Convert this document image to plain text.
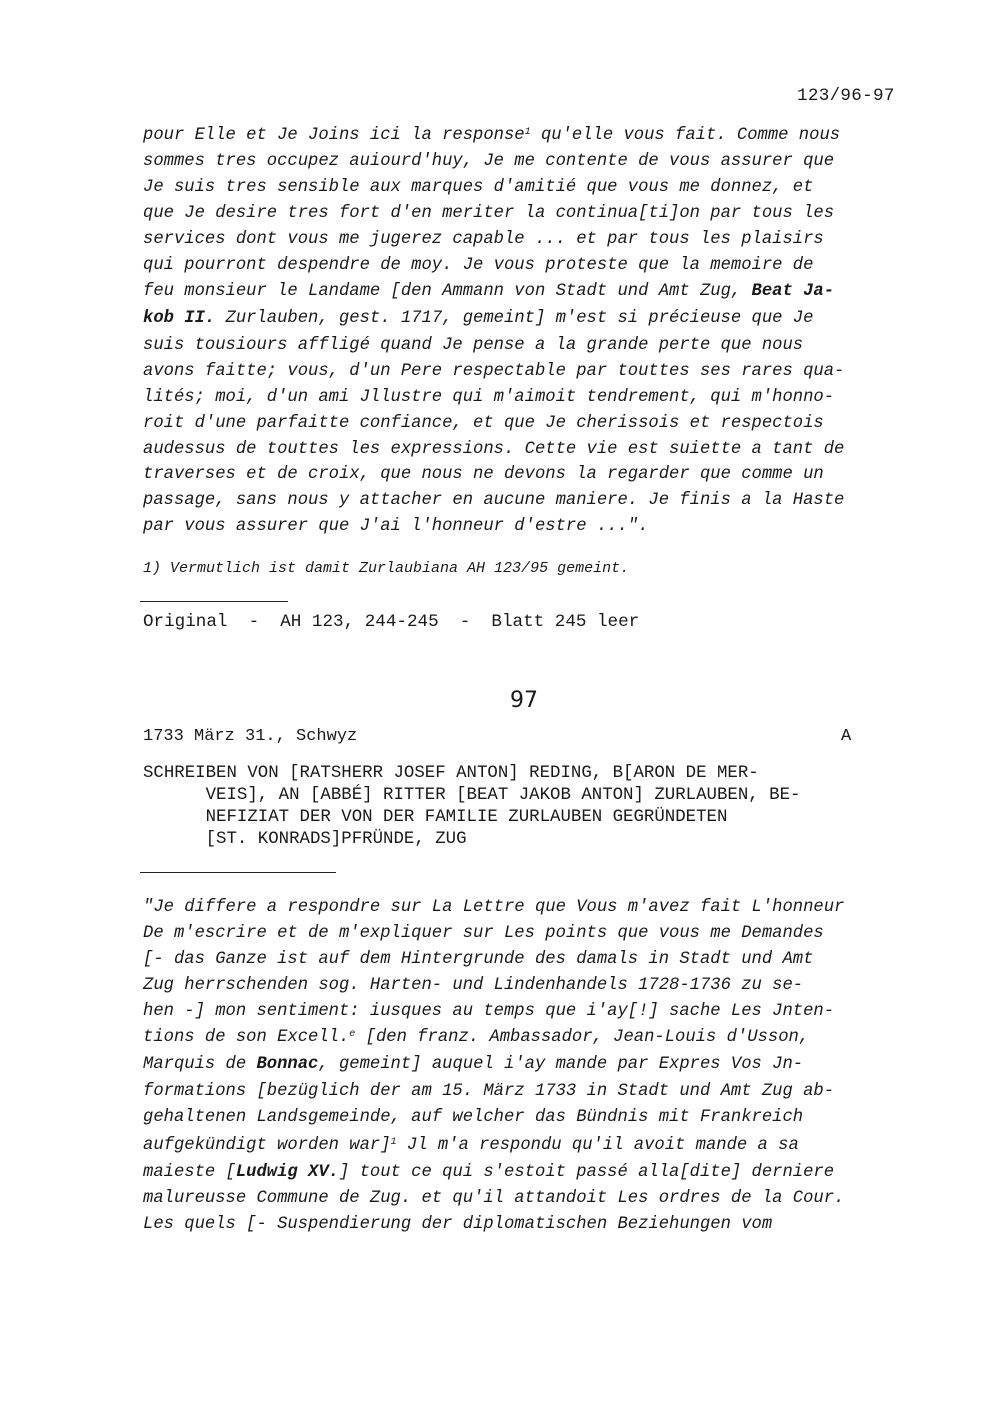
123/96-97
pour Elle et Je Joins ici la response$^1$ qu'elle vous fait. Comme nous
sommes tres occupez auiourd'huy, Je me contente de vous assurer que
Je suis tres sensible aux marques d'amitié que vous me donnez, et
que Je desire tres fort d'en meriter la continua[ti]on par tous les
services dont vous me jugerez capable ... et par tous les plaisirs
qui pourront despendre de moy. Je vous proteste que la memoire de
feu monsieur le Landame [den Ammann von Stadt und Amt Zug, Beat Ja-
kob II. Zurlauben, gest. 1717, gemeint] m'est si précieuse que Je
suis tousiours affligé quand Je pense a la grande perte que nous
avons faitte; vous, d'un Pere respectable par touttes ses rares qua-
lités; moi, d'un ami Jllustre qui m'aimoit tendrement, qui m'honno-
roit d'une parfaitte confiance, et que Je cherissois et respectois
audessus de touttes les expressions. Cette vie est suiette a tant de
traverses et de croix, que nous ne devons la regarder que comme un
passage, sans nous y attacher en aucune maniere. Je finis a la Haste
par vous assurer que J'ai l'honneur d'estre ...".
1) Vermutlich ist damit Zurlaubiana AH 123/95 gemeint.
Original  -  AH 123, 244-245  -  Blatt 245 leer
97
1733 März 31., Schwyz	A
SCHREIBEN VON [RATSHERR JOSEF ANTON] REDING, B[ARON DE MER-
VEIS], AN [ABBÉ] RITTER [BEAT JAKOB ANTON] ZURLAUBEN, BE-
NEFIZIAT DER VON DER FAMILIE ZURLAUBEN GEGRÜNDETEN
[ST. KONRADS]PFRÜNDE, ZUG
"Je differe a respondre sur La Lettre que Vous m'avez fait L'honneur
De m'escrire et de m'expliquer sur Les points que vous me Demandes
[- das Ganze ist auf dem Hintergrunde des damals in Stadt und Amt
Zug herrschenden sog. Harten- und Lindenhandels 1728-1736 zu se-
hen -] mon sentiment: iusques au temps que i'ay[!] sache Les Jnten-
tions de son Excell.$^e$ [den franz. Ambassador, Jean-Louis d'Usson,
Marquis de Bonnac, gemeint] auquel i'ay mande par Expres Vos Jn-
formations [bezüglich der am 15. März 1733 in Stadt und Amt Zug ab-
gehaltenen Landsgemeinde, auf welcher das Bündnis mit Frankreich
aufgekündigt worden war]$^1$ Jl m'a respondu qu'il avoit mande a sa
maieste [Ludwig XV.] tout ce qui s'estoit passé alla[dite] derniere
malureusse Commune de Zug. et qu'il attandoit Les ordres de la Cour.
Les quels [- Suspendierung der diplomatischen Beziehungen vom
